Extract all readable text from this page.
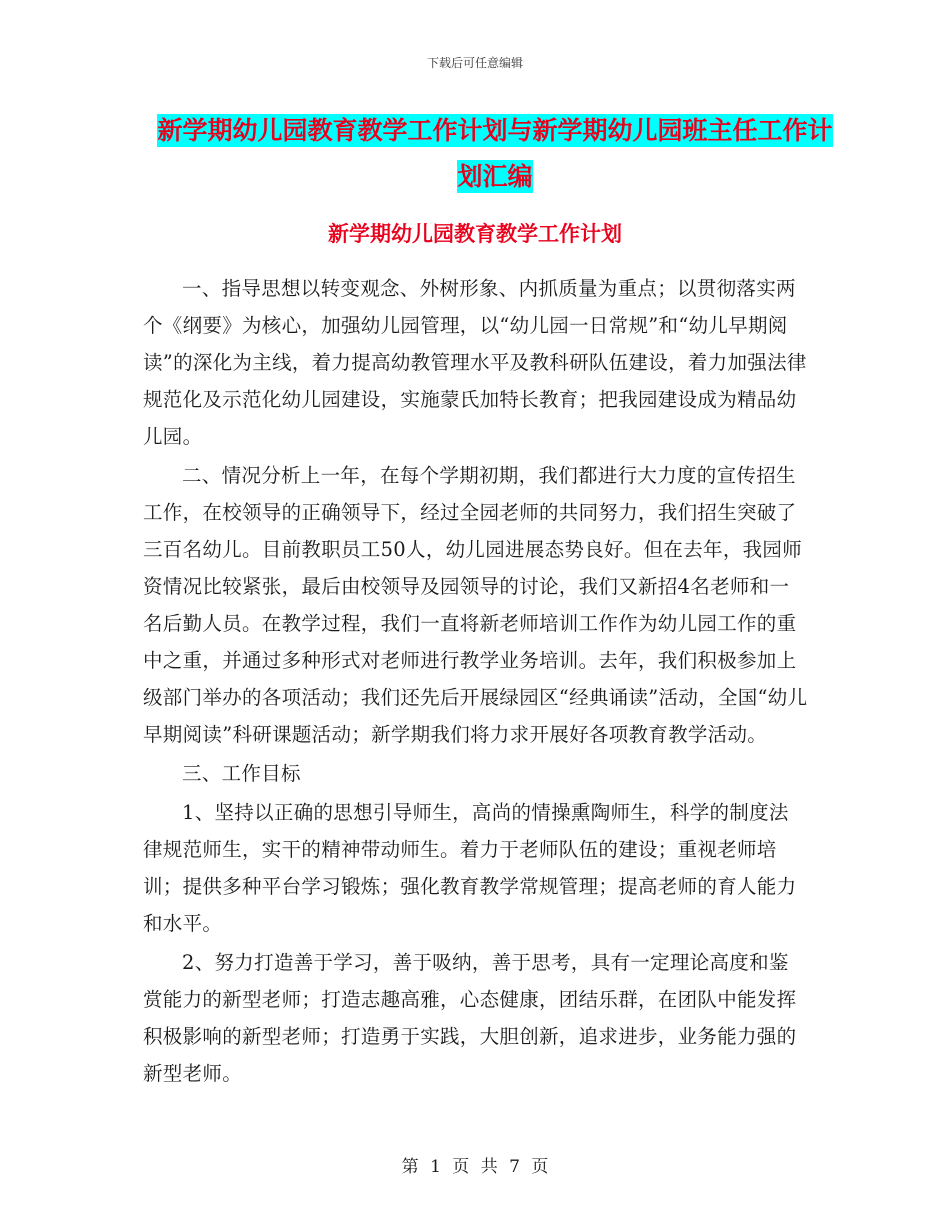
下载后可任意编辑
新学期幼儿园教育教学工作计划与新学期幼儿园班主任工作计划汇编
新学期幼儿园教育教学工作计划

一、指导思想以转变观念、外树形象、内抓质量为重点；以贯彻落实两个《纲要》为核心，加强幼儿园管理，以“幼儿园一日常规”和“幼儿早期阅读”的深化为主线，着力提高幼教管理水平及教科研队伍建设，着力加强法律规范化及示范化幼儿园建设，实施蒙氏加特长教育；把我园建设成为精品幼儿园。

二、情况分析上一年，在每个学期初期，我们都进行大力度的宣传招生工作，在校领导的正确领导下，经过全园老师的共同努力，我们招生突破了三百名幼儿。目前教职员工50人，幼儿园进展态势良好。但在去年，我园师资情况比较紧张，最后由校领导及园领导的讨论，我们又新招4名老师和一名后勤人员。在教学过程，我们一直将新老师培训工作作为幼儿园工作的重中之重，并通过多种形式对老师进行教学业务培训。去年，我们积极参加上级部门举办的各项活动；我们还先后开展绿园区“经典诵读”活动，全国“幼儿早期阅读”科研课题活动；新学期我们将力求开展好各项教育教学活动。

三、工作目标

1、坚持以正确的思想引导师生，高尚的情操熏陶师生，科学的制度法律规范师生，实干的精神带动师生。着力于老师队伍的建设；重视老师培训；提供多种平台学习锻炼；强化教育教学常规管理；提高老师的育人能力和水平。

2、努力打造善于学习，善于吸纳，善于思考，具有一定理论高度和鉴赏能力的新型老师；打造志趣高雅，心态健康，团结乐群，在团队中能发挥积极影响的新型老师；打造勇于实践，大胆创新，追求进步，业务能力强的新型老师。

第 1 页 共 7 页
